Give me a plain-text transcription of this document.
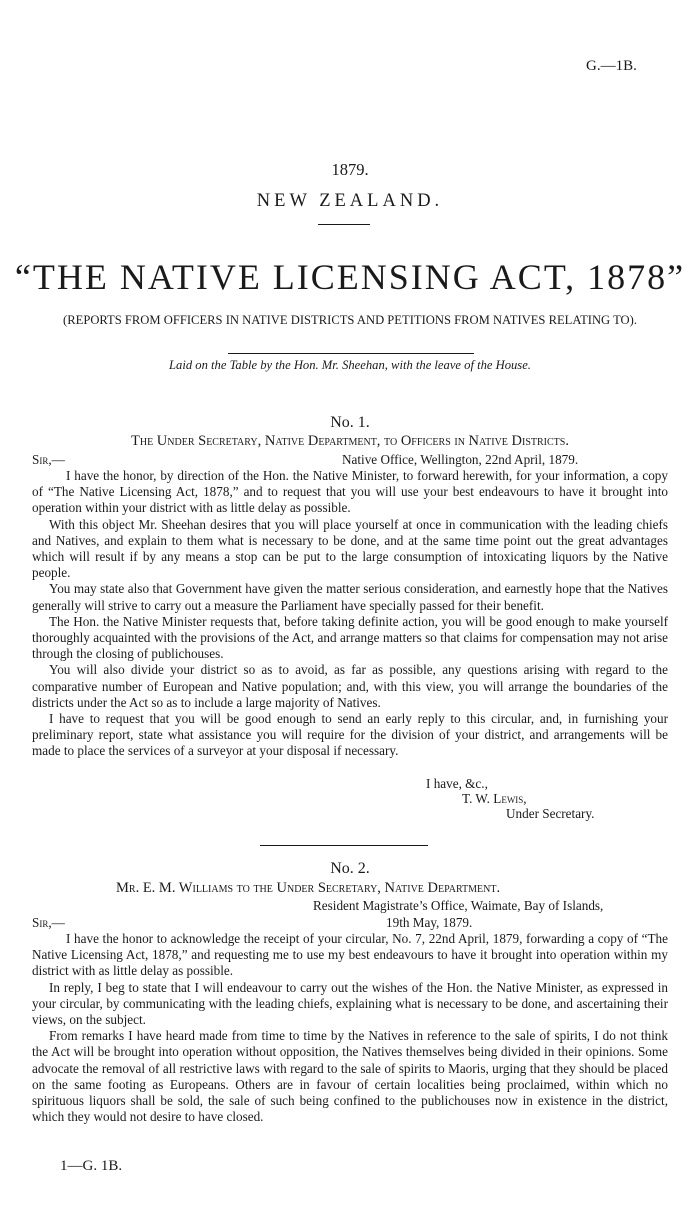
G.—1B.
1879.
NEW ZEALAND.
“THE NATIVE LICENSING ACT, 1878”
(REPORTS FROM OFFICERS IN NATIVE DISTRICTS AND PETITIONS FROM NATIVES RELATING TO).
Laid on the Table by the Hon. Mr. Sheehan, with the leave of the House.
No. 1.
The Under Secretary, Native Department, to Officers in Native Districts.
Sir,—	Native Office, Wellington, 22nd April, 1879.

I have the honor, by direction of the Hon. the Native Minister, to forward herewith, for your information, a copy of “The Native Licensing Act, 1878,” and to request that you will use your best endeavours to have it brought into operation within your district with as little delay as possible.

With this object Mr. Sheehan desires that you will place yourself at once in communication with the leading chiefs and Natives, and explain to them what is necessary to be done, and at the same time point out the great advantages which will result if by any means a stop can be put to the large consumption of intoxicating liquors by the Native people.

You may state also that Government have given the matter serious consideration, and earnestly hope that the Natives generally will strive to carry out a measure the Parliament have specially passed for their benefit.

The Hon. the Native Minister requests that, before taking definite action, you will be good enough to make yourself thoroughly acquainted with the provisions of the Act, and arrange matters so that claims for compensation may not arise through the closing of publichouses.

You will also divide your district so as to avoid, as far as possible, any questions arising with regard to the comparative number of European and Native population; and, with this view, you will arrange the boundaries of the districts under the Act so as to include a large majority of Natives.

I have to request that you will be good enough to send an early reply to this circular, and, in furnishing your preliminary report, state what assistance you will require for the division of your district, and arrangements will be made to place the services of a surveyor at your disposal if necessary.

I have, &c.,
T. W. Lewis,
Under Secretary.
No. 2.
Mr. E. M. Williams to the Under Secretary, Native Department.
Resident Magistrate’s Office, Waimate, Bay of Islands,
Sir,—	19th May, 1879.

I have the honor to acknowledge the receipt of your circular, No. 7, 22nd April, 1879, forwarding a copy of “The Native Licensing Act, 1878,” and requesting me to use my best endeavours to have it brought into operation within my district with as little delay as possible.

In reply, I beg to state that I will endeavour to carry out the wishes of the Hon. the Native Minister, as expressed in your circular, by communicating with the leading chiefs, explaining what is necessary to be done, and ascertaining their views, on the subject.

From remarks I have heard made from time to time by the Natives in reference to the sale of spirits, I do not think the Act will be brought into operation without opposition, the Natives themselves being divided in their opinions. Some advocate the removal of all restrictive laws with regard to the sale of spirits to Maoris, urging that they should be placed on the same footing as Europeans. Others are in favour of certain localities being proclaimed, within which no spirituous liquors shall be sold, the sale of such being confined to the publichouses now in existence in the district, which they would not desire to have closed.

1—G. 1B.
